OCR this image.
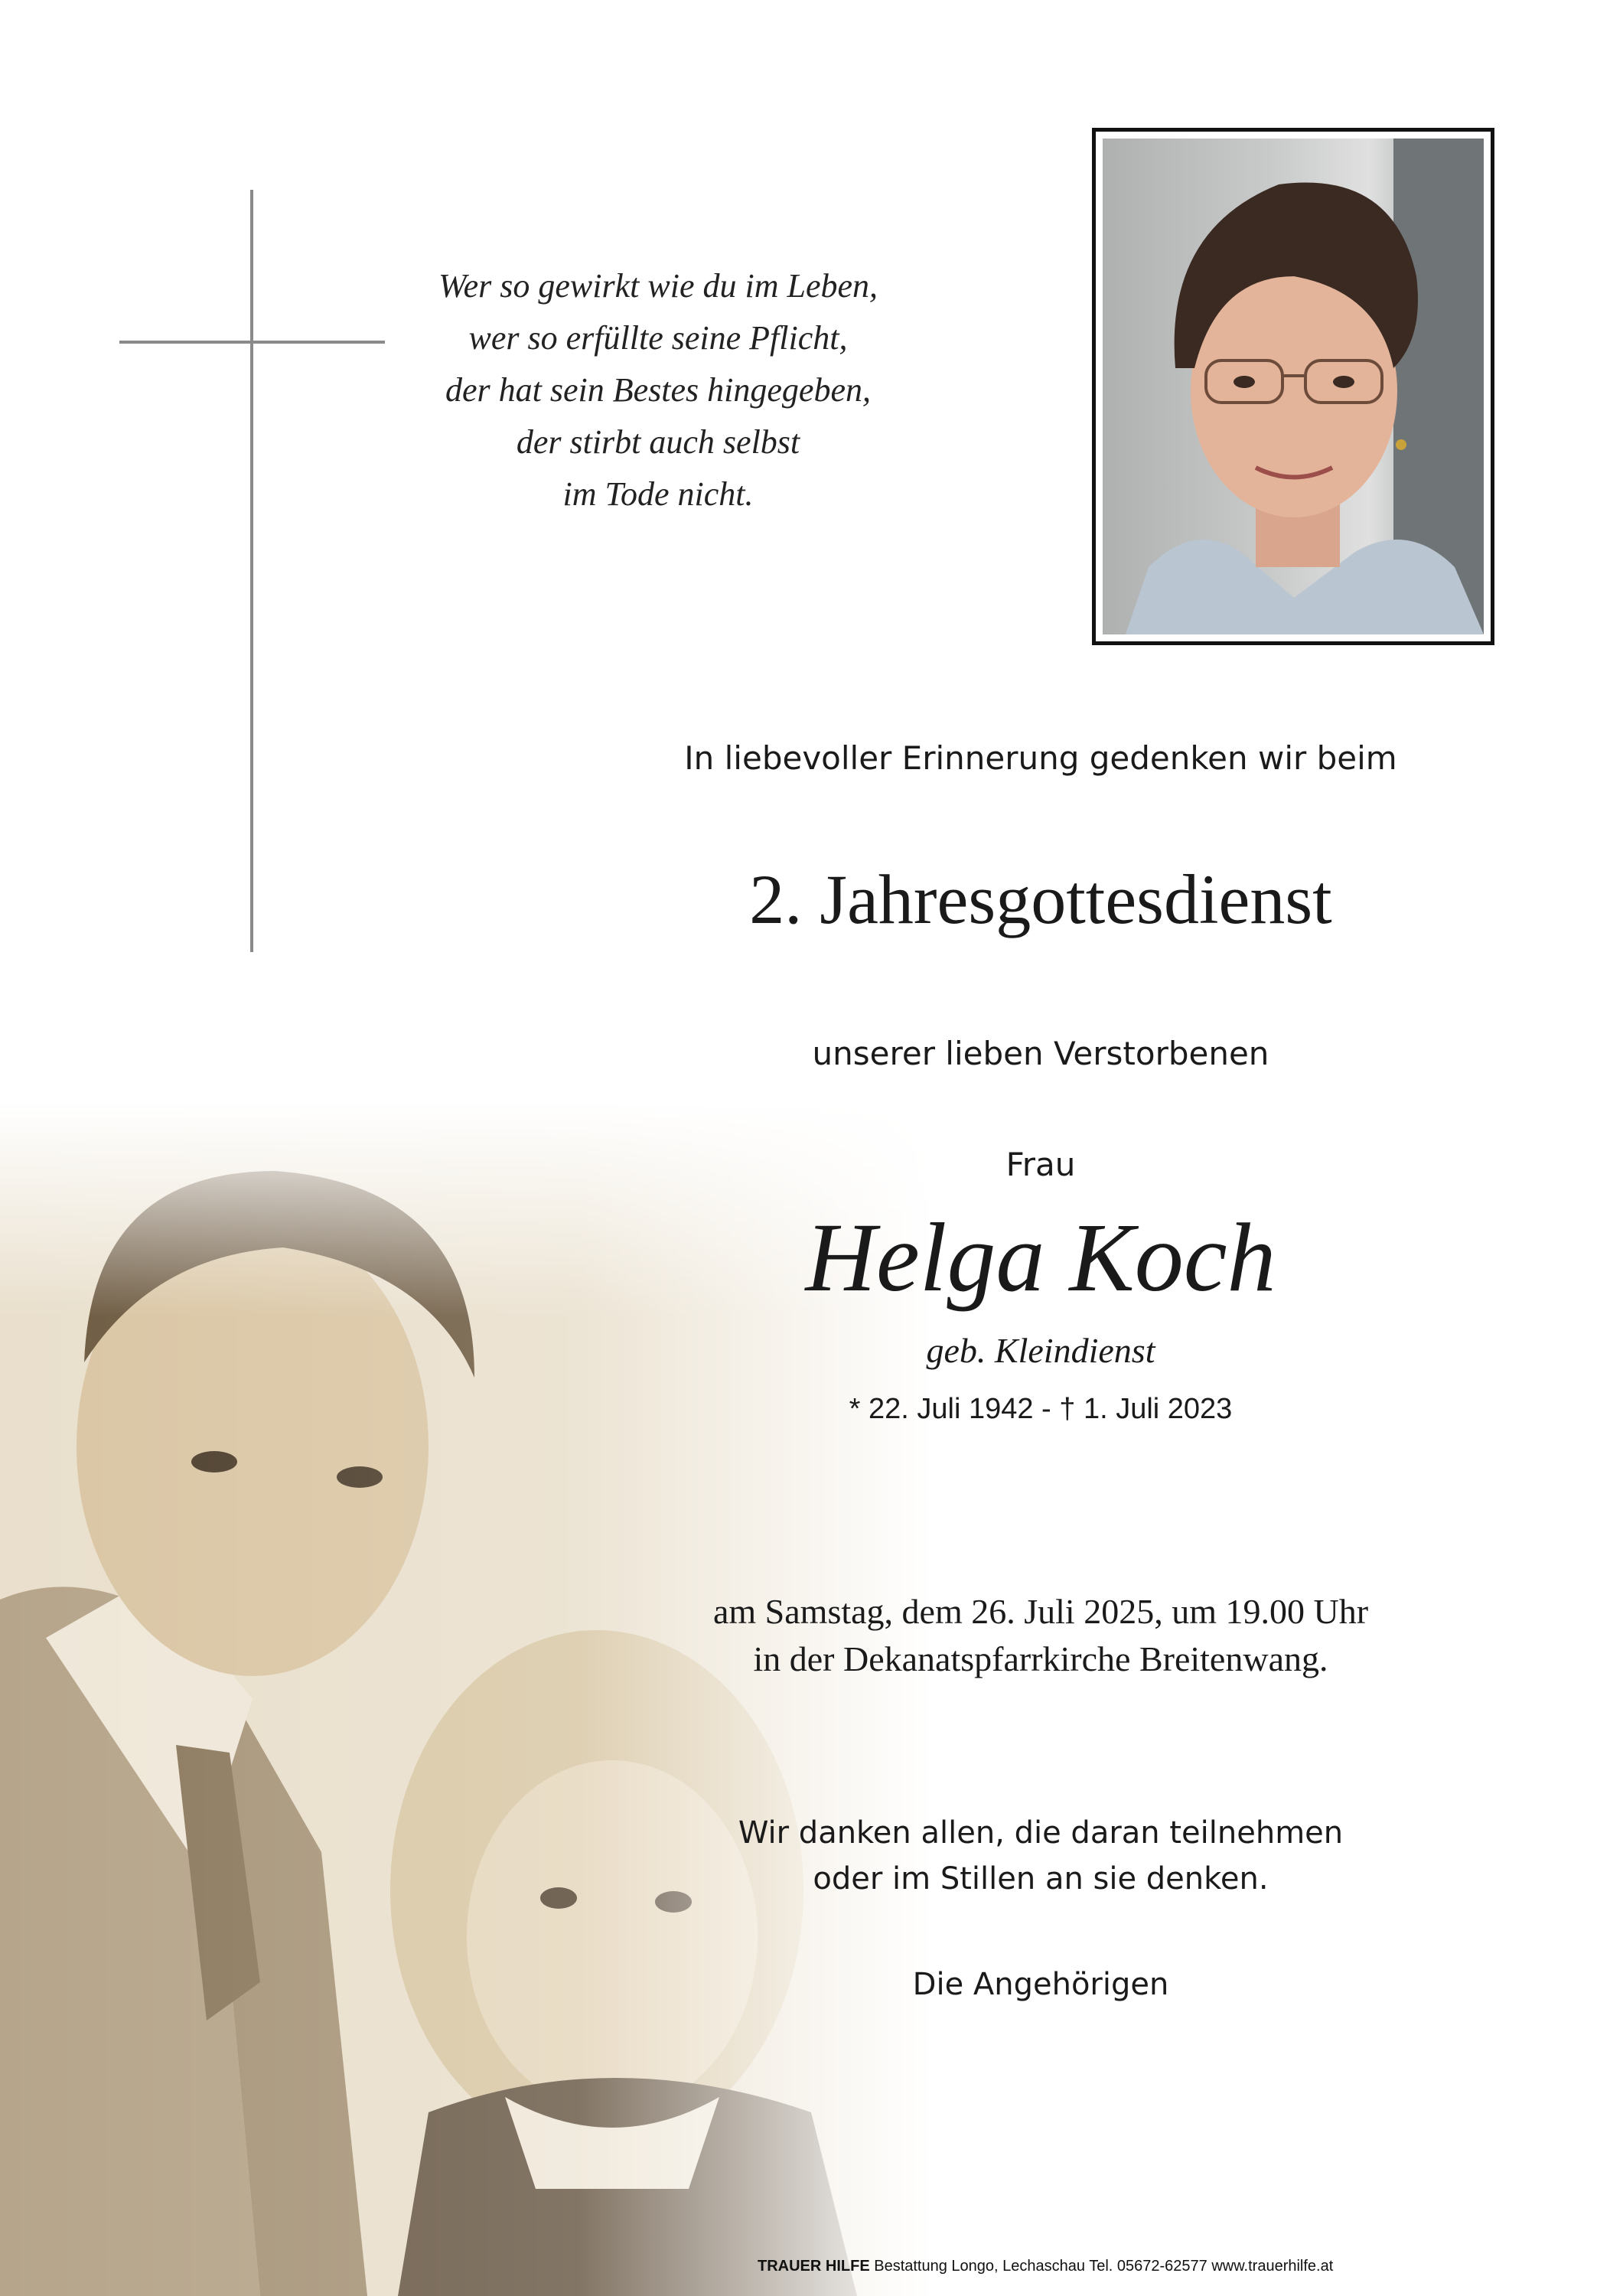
Wer so gewirkt wie du im Leben,
wer so erfüllte seine Pflicht,
der hat sein Bestes hingegeben,
der stirbt auch selbst
im Tode nicht.
In liebevoller Erinnerung gedenken wir beim
2. Jahresgottesdienst
unserer lieben Verstorbenen
Frau
Helga Koch
geb. Kleindienst
* 22. Juli 1942 - † 1. Juli 2023
am Samstag, dem 26. Juli 2025, um 19.00 Uhr
in der Dekanatspfarrkirche Breitenwang.
Wir danken allen, die daran teilnehmen
oder im Stillen an sie denken.
Die Angehörigen
TRAUER HILFE Bestattung Longo, Lechaschau Tel. 05672-62577 www.trauerhilfe.at
